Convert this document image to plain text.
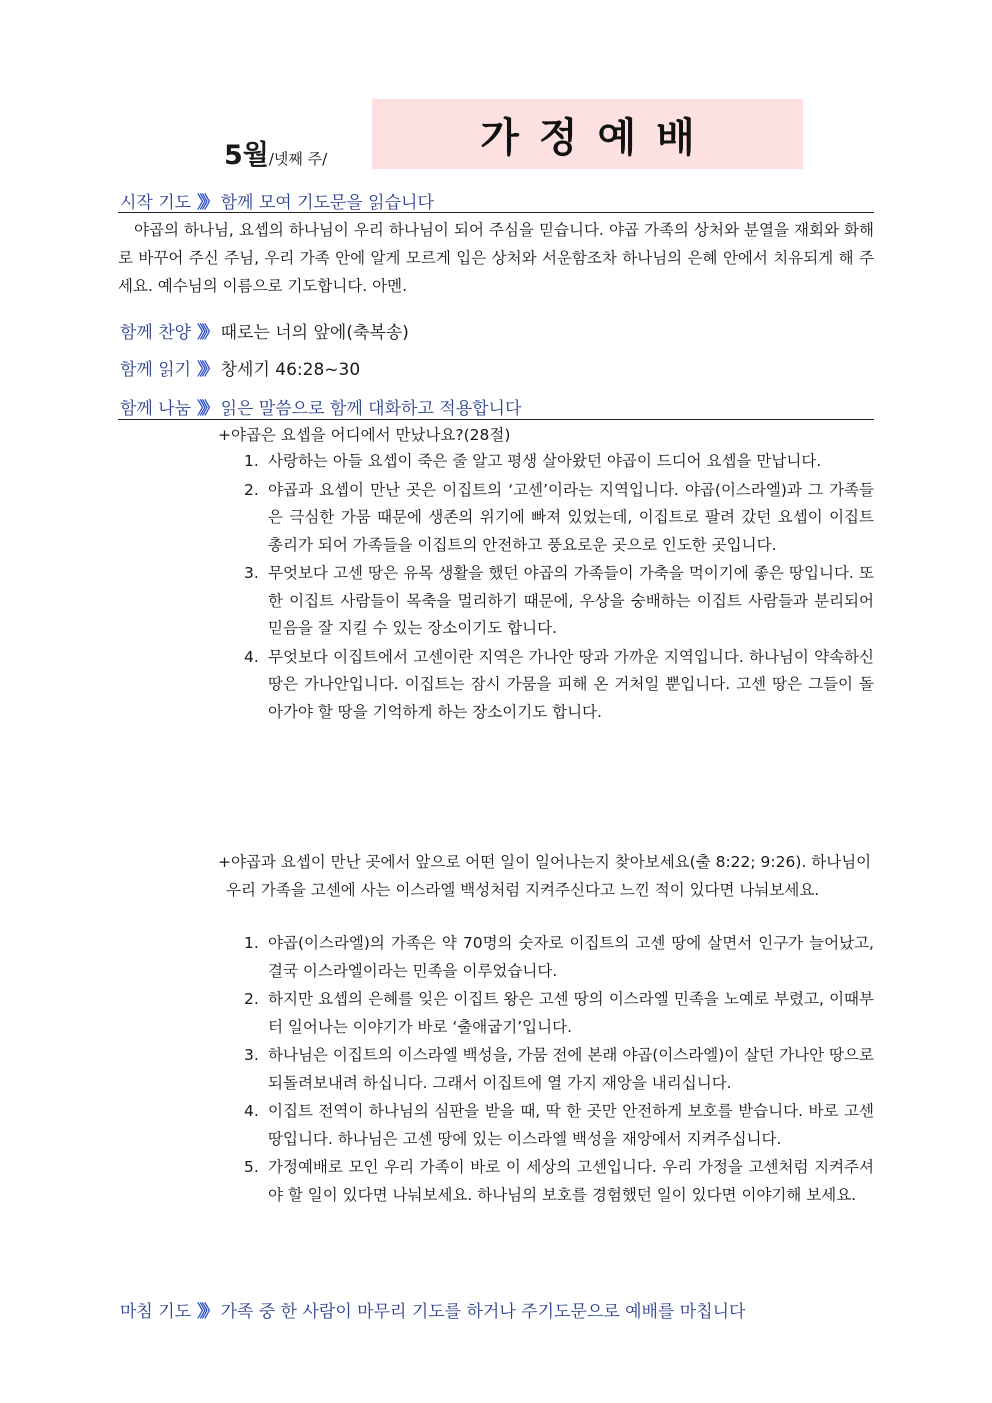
5월/넷째 주/	가정예배
시작 기도 》》 함께 모여 기도문을 읽습니다
야곱의 하나님, 요셉의 하나님이 우리 하나님이 되어 주심을 믿습니다. 야곱 가족의 상처와 분열을 재회와 화해로 바꾸어 주신 주님, 우리 가족 안에 알게 모르게 입은 상처와 서운함조차 하나님의 은혜 안에서 치유되게 해 주세요. 예수님의 이름으로 기도합니다. 아멘.
함께 찬양 》》 때로는 너의 앞에(축복송)
함께 읽기 》》 창세기 46:28~30
함께 나눔 》》 읽은 말씀으로 함께 대화하고 적용합니다
+야곱은 요셉을 어디에서 만났나요?(28절)
1. 사랑하는 아들 요셉이 죽은 줄 알고 평생 살아왔던 야곱이 드디어 요셉을 만납니다.
2. 야곱과 요셉이 만난 곳은 이집트의 ‘고센’이라는 지역입니다. 야곱(이스라엘)과 그 가족들은 극심한 가뭄 때문에 생존의 위기에 빠져 있었는데, 이집트로 팔려 갔던 요셉이 이집트 총리가 되어 가족들을 이집트의 안전하고 풍요로운 곳으로 인도한 곳입니다.
3. 무엇보다 고센 땅은 유목 생활을 했던 야곱의 가족들이 가축을 먹이기에 좋은 땅입니다. 또한 이집트 사람들이 목축을 멀리하기 때문에, 우상을 숭배하는 이집트 사람들과 분리되어 믿음을 잘 지킬 수 있는 장소이기도 합니다.
4. 무엇보다 이집트에서 고센이란 지역은 가나안 땅과 가까운 지역입니다. 하나님이 약속하신 땅은 가나안입니다. 이집트는 잠시 가뭄을 피해 온 거처일 뿐입니다. 고센 땅은 그들이 돌아가야 할 땅을 기억하게 하는 장소이기도 합니다.
+야곱과 요셉이 만난 곳에서 앞으로 어떤 일이 일어나는지 찾아보세요(출 8:22; 9:26). 하나님이 우리 가족을 고센에 사는 이스라엘 백성처럼 지켜주신다고 느낀 적이 있다면 나눠보세요.
1. 야곱(이스라엘)의 가족은 약 70명의 숫자로 이집트의 고센 땅에 살면서 인구가 늘어났고, 결국 이스라엘이라는 민족을 이루었습니다.
2. 하지만 요셉의 은혜를 잊은 이집트 왕은 고센 땅의 이스라엘 민족을 노예로 부렸고, 이때부터 일어나는 이야기가 바로 ‘출애굽기’입니다.
3. 하나님은 이집트의 이스라엘 백성을, 가뭄 전에 본래 야곱(이스라엘)이 살던 가나안 땅으로 되돌려보내려 하십니다. 그래서 이집트에 열 가지 재앙을 내리십니다.
4. 이집트 전역이 하나님의 심판을 받을 때, 딱 한 곳만 안전하게 보호를 받습니다. 바로 고센 땅입니다. 하나님은 고센 땅에 있는 이스라엘 백성을 재앙에서 지켜주십니다.
5. 가정예배로 모인 우리 가족이 바로 이 세상의 고센입니다. 우리 가정을 고센처럼 지켜주셔야 할 일이 있다면 나눠보세요. 하나님의 보호를 경험했던 일이 있다면 이야기해 보세요.
마침 기도 》》 가족 중 한 사람이 마무리 기도를 하거나 주기도문으로 예배를 마칩니다
